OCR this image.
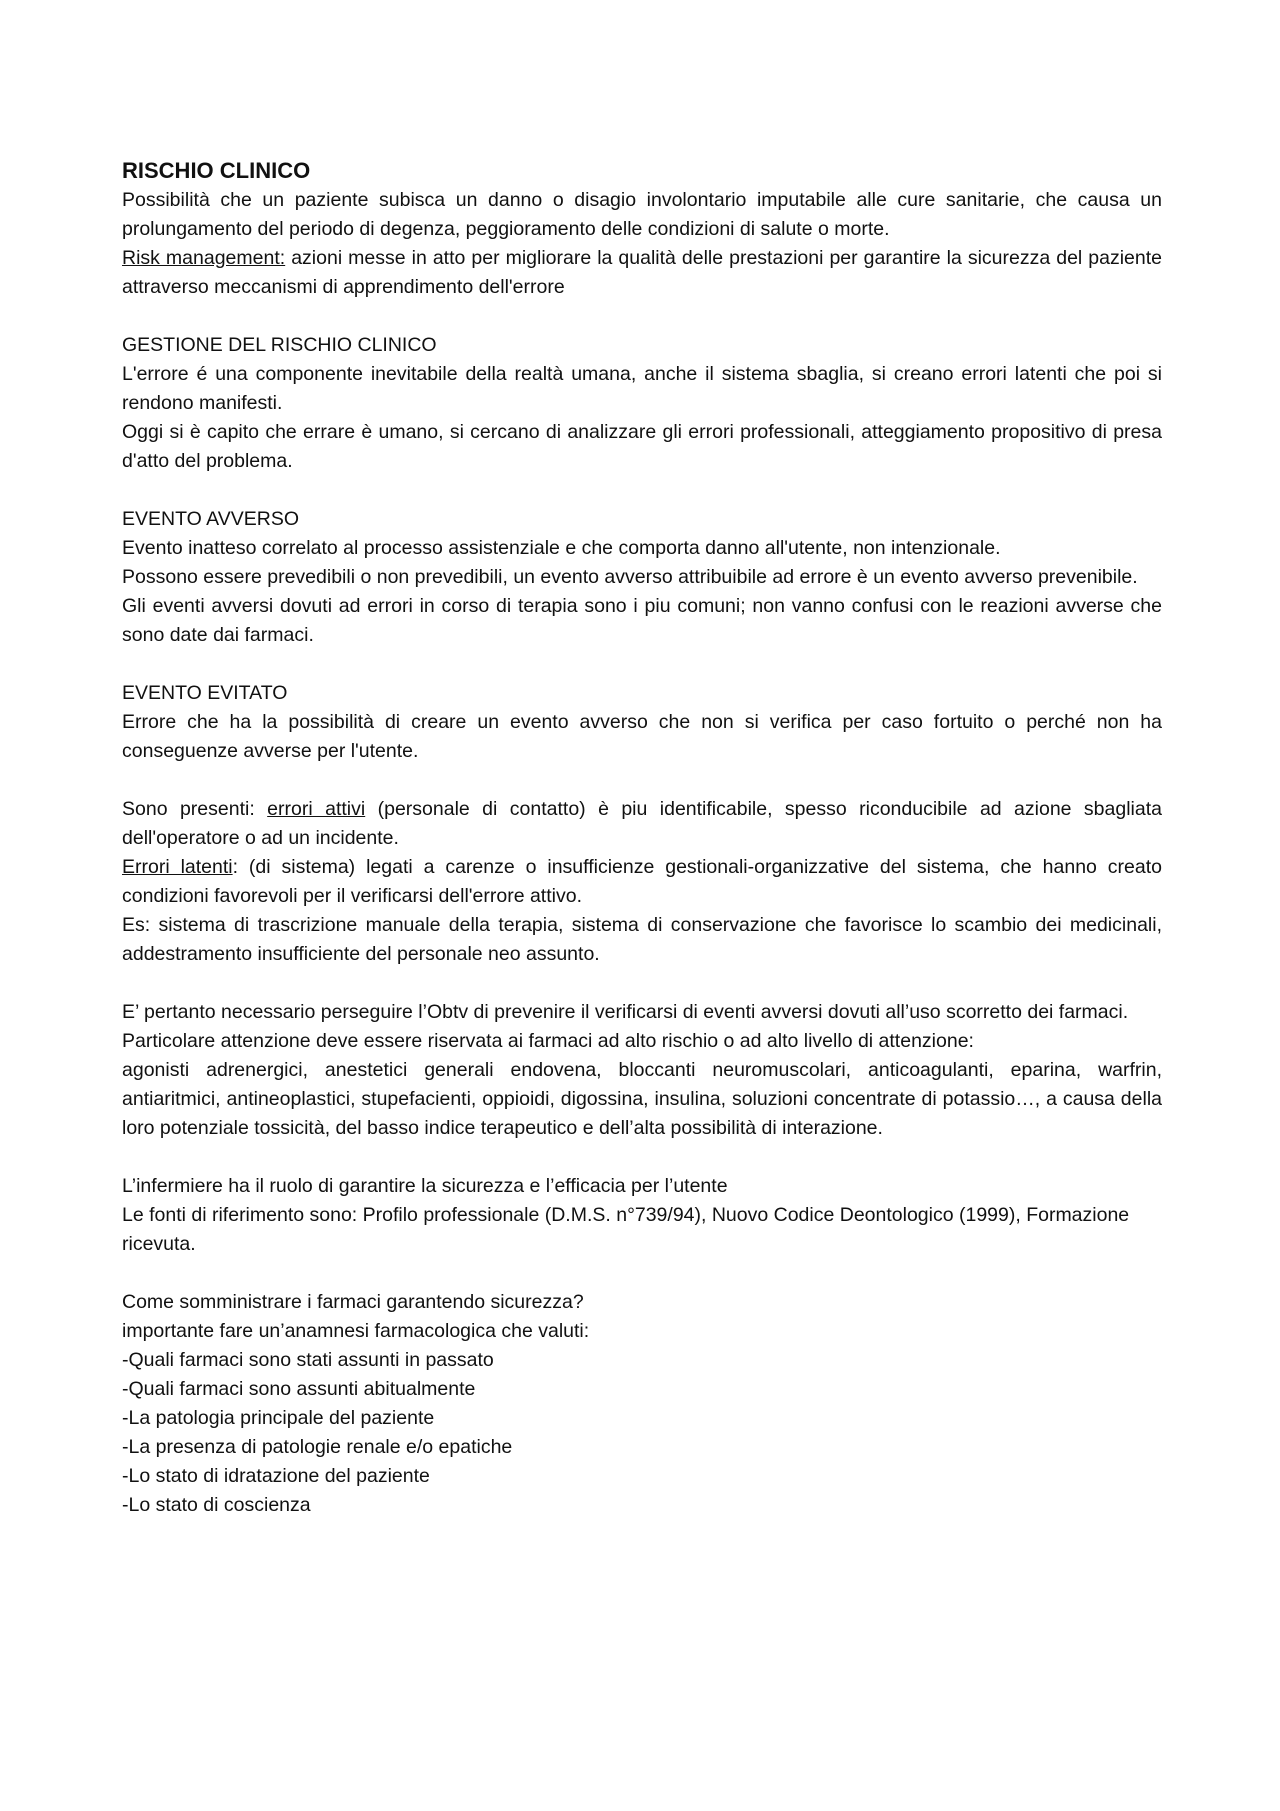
RISCHIO CLINICO

Possibilità che un paziente subisca un danno o disagio involontario imputabile alle cure sanitarie, che causa un prolungamento del periodo di degenza, peggioramento delle condizioni di salute o morte.

Risk management: azioni messe in atto per migliorare la qualità delle prestazioni per garantire la sicurezza del paziente attraverso meccanismi di apprendimento dell'errore

GESTIONE DEL RISCHIO CLINICO

L'errore é una componente inevitabile della realtà umana, anche il sistema sbaglia, si creano errori latenti che poi si rendono manifesti.

Oggi si è capito che errare è umano, si cercano di analizzare gli errori professionali, atteggiamento propositivo di presa d'atto del problema.

EVENTO AVVERSO

Evento inatteso correlato al processo assistenziale e che comporta danno all'utente, non intenzionale.

Possono essere prevedibili o non prevedibili, un evento avverso attribuibile ad errore è un evento avverso prevenibile.

Gli eventi avversi dovuti ad errori in corso di terapia sono i piu comuni; non vanno confusi con le reazioni avverse che sono date dai farmaci.

EVENTO EVITATO

Errore che ha la possibilità di creare un evento avverso che non si verifica per caso fortuito o perché non ha conseguenze avverse per l'utente.

Sono presenti: errori attivi (personale di contatto) è piu identificabile, spesso riconducibile ad azione sbagliata dell'operatore o ad un incidente.

Errori latenti: (di sistema) legati a carenze o insufficienze gestionali-organizzative del sistema, che hanno creato condizioni favorevoli per il verificarsi dell'errore attivo.

Es: sistema di trascrizione manuale della terapia, sistema di conservazione che favorisce lo scambio dei medicinali, addestramento insufficiente del personale neo assunto.

E’ pertanto necessario perseguire l’Obtv di prevenire il verificarsi di eventi avversi dovuti all’uso scorretto dei farmaci.

Particolare attenzione deve essere riservata ai farmaci ad alto rischio o ad alto livello di attenzione:

agonisti adrenergici, anestetici generali endovena, bloccanti neuromuscolari, anticoagulanti, eparina, warfrin, antiaritmici, antineoplastici, stupefacienti, oppioidi, digossina, insulina, soluzioni concentrate di potassio…, a causa della loro potenziale tossicità, del basso indice terapeutico e dell’alta possibilità di interazione.

L’infermiere ha il ruolo di garantire la sicurezza e l’efficacia per l’utente

Le fonti di riferimento sono: Profilo professionale (D.M.S. n°739/94), Nuovo Codice Deontologico (1999), Formazione ricevuta.

Come somministrare i farmaci garantendo sicurezza?

importante fare un’anamnesi farmacologica che valuti:

-Quali farmaci sono stati assunti in passato
-Quali farmaci sono assunti abitualmente
-La patologia principale del paziente
-La presenza di patologie renale e/o epatiche
-Lo stato di idratazione del paziente
-Lo stato di coscienza
